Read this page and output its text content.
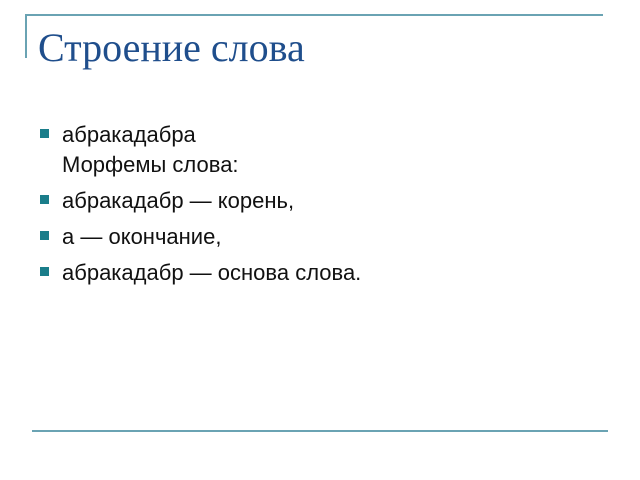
Строение слова
абракадабра
Морфемы слова:
абракадабр — корень,
а — окончание,
абракадабр — основа слова.
